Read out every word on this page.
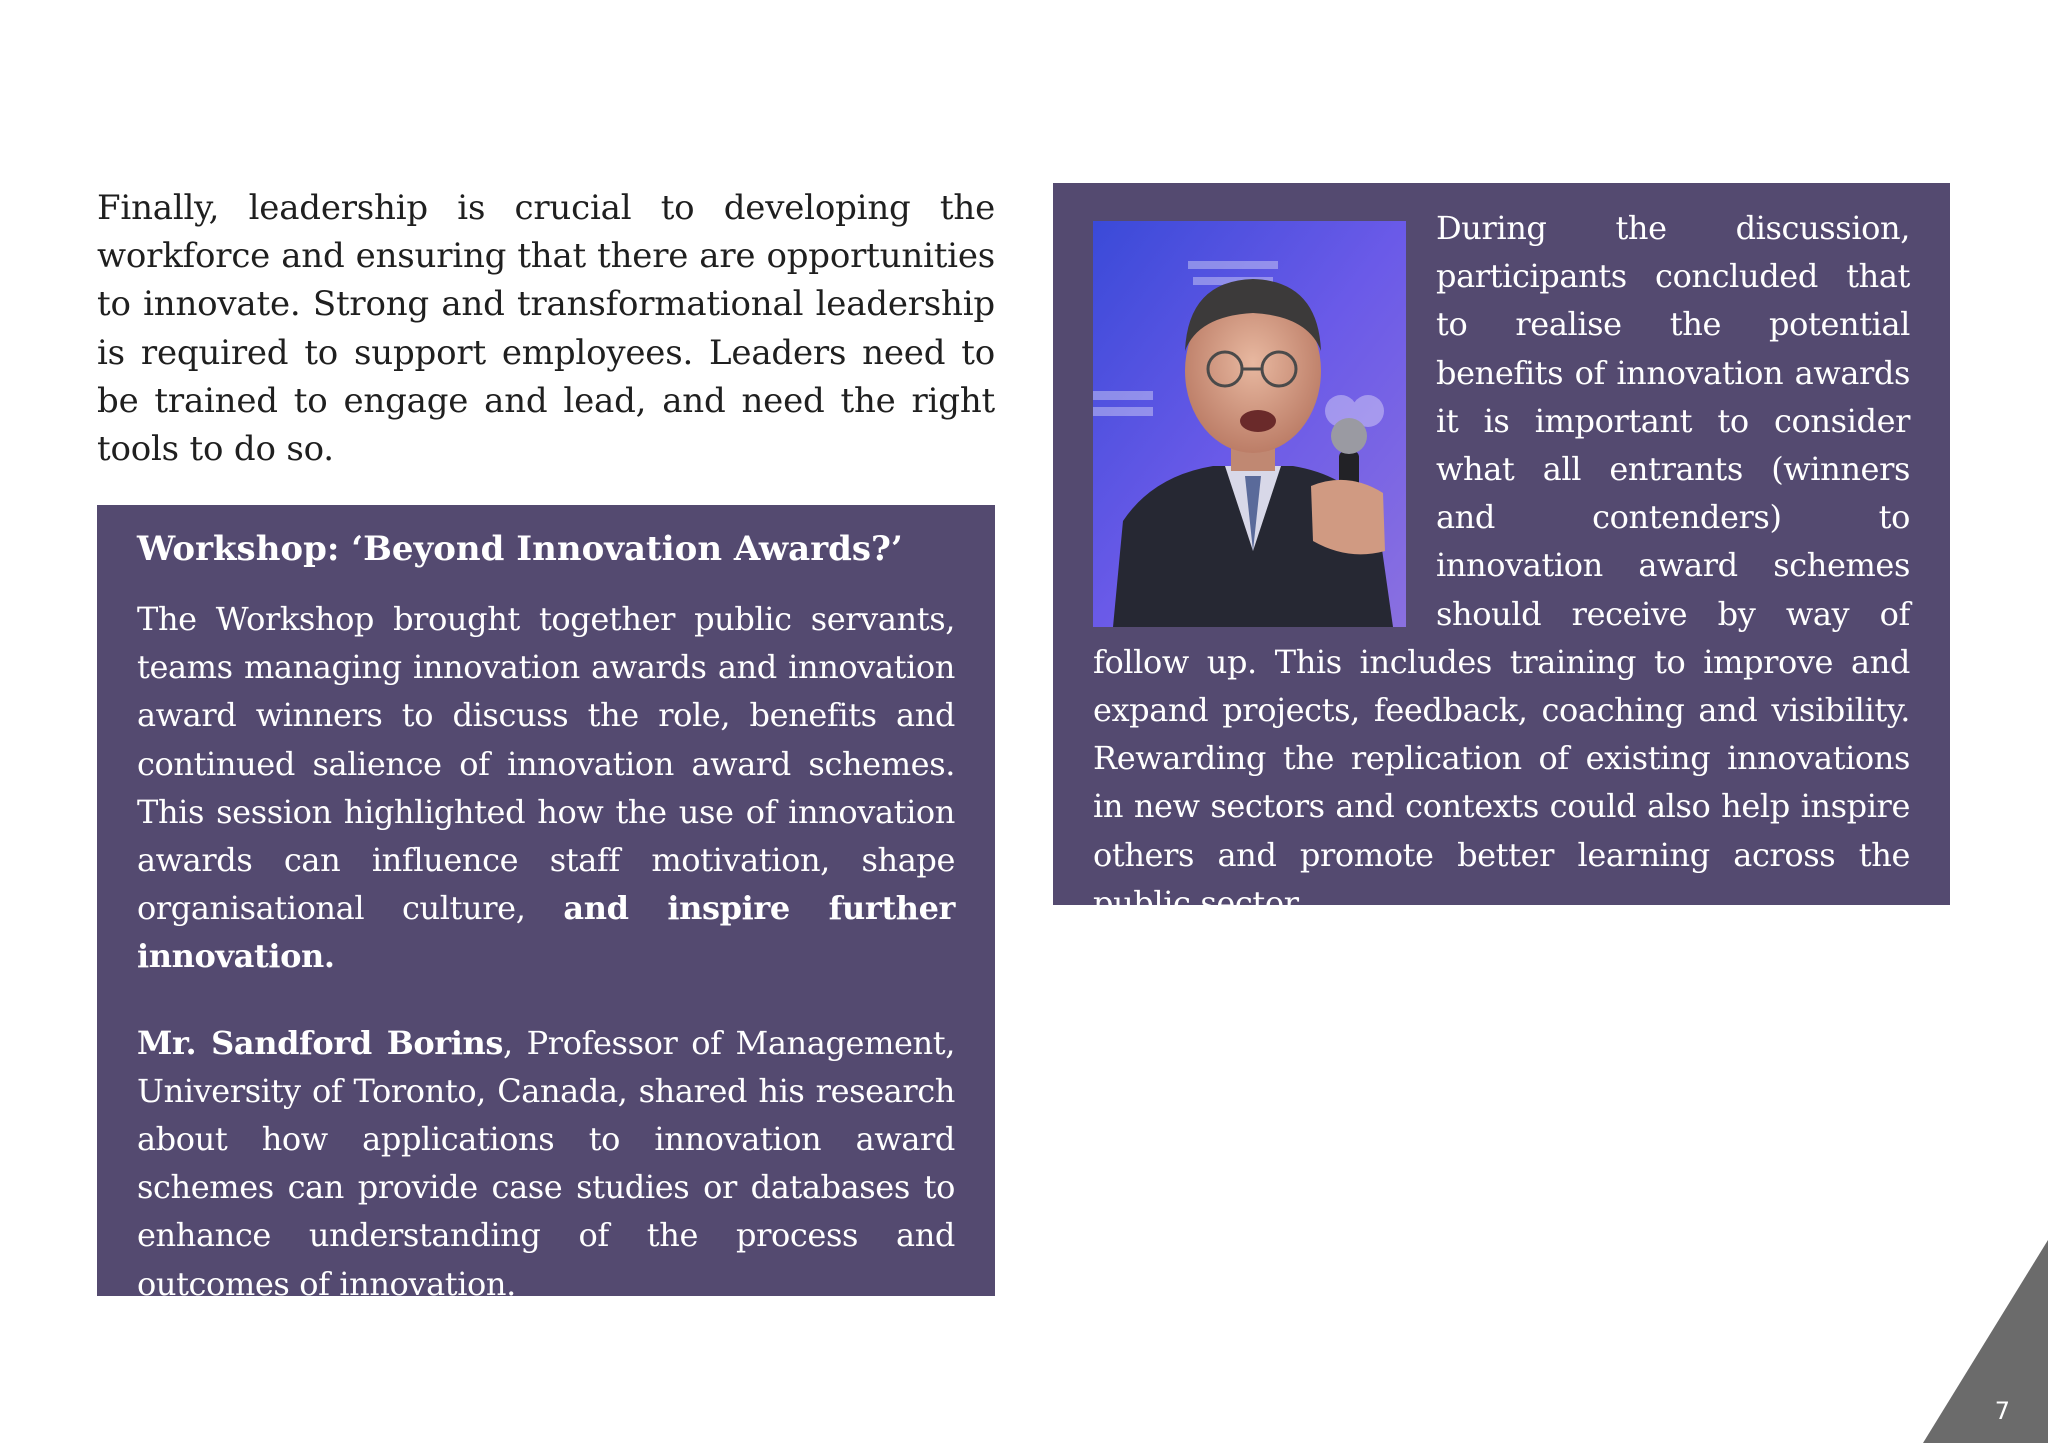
Finally, leadership is crucial to developing the workforce and ensuring that there are opportunities to innovate. Strong and transformational leadership is required to support employees. Leaders need to be trained to engage and lead, and need the right tools to do so.

Workshop: ‘Beyond Innovation Awards?’

The Workshop brought together public servants, teams managing innovation awards and innovation award winners to discuss the role, benefits and continued salience of innovation award schemes. This session highlighted how the use of innovation awards can influence staff motivation, shape organisational culture, and inspire further innovation.

Mr. Sandford Borins, Professor of Management, University of Toronto, Canada, shared his research about how applications to innovation award schemes can provide case studies or databases to enhance understanding of the process and outcomes of innovation.

During the discussion, participants concluded that to realise the potential benefits of innovation awards it is important to consider what all entrants (winners and contenders) to innovation award schemes should receive by way of follow up. This includes training to improve and expand projects, feedback, coaching and visibility. Rewarding the replication of existing innovations in new sectors and contexts could also help inspire others and promote better learning across the public sector.

7
